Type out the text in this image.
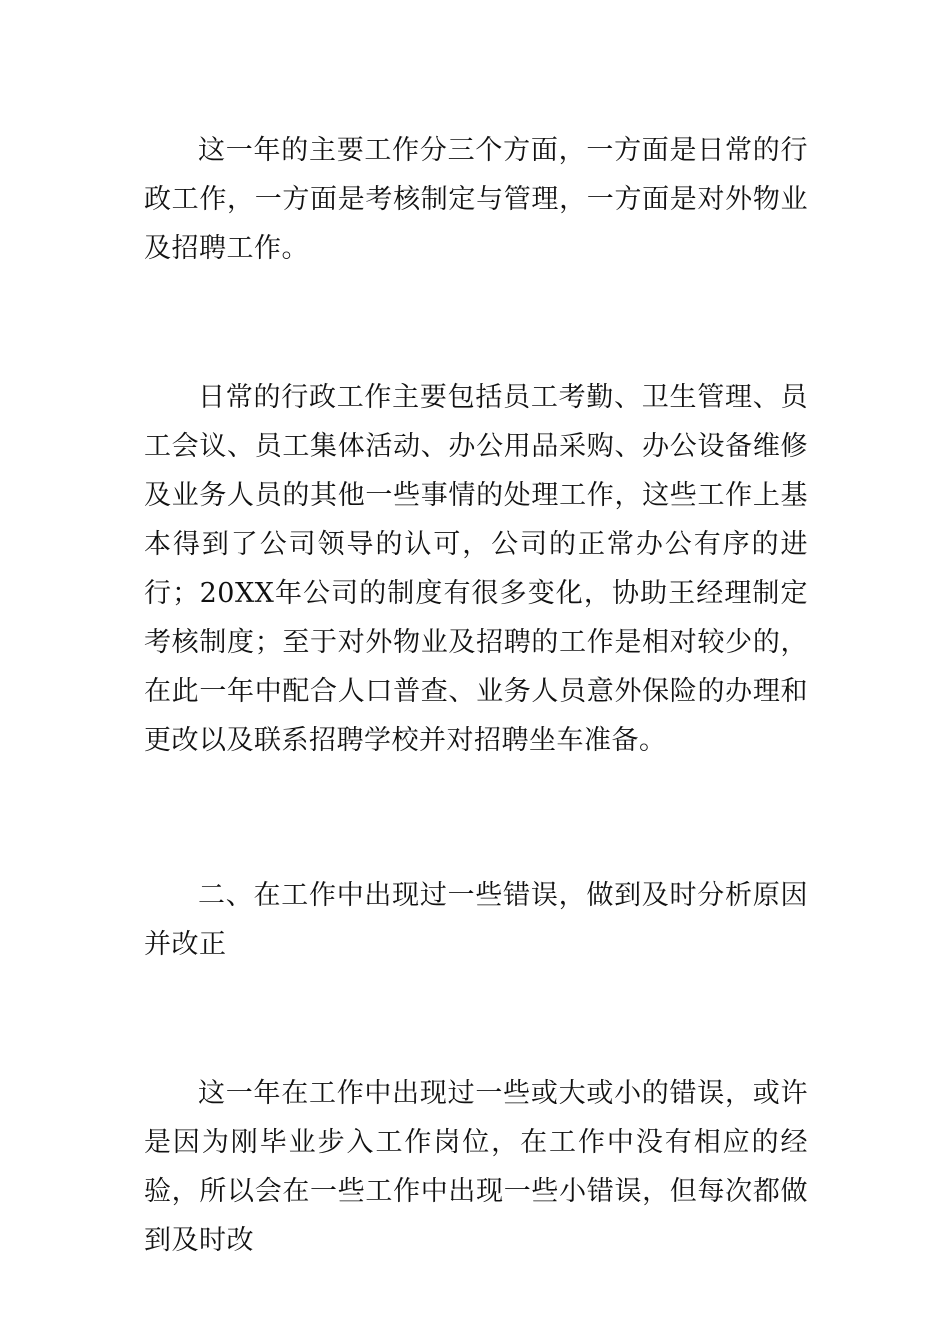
这一年的主要工作分三个方面，一方面是日常的行政工作，一方面是考核制定与管理，一方面是对外物业及招聘工作。

日常的行政工作主要包括员工考勤、卫生管理、员工会议、员工集体活动、办公用品采购、办公设备维修及业务人员的其他一些事情的处理工作，这些工作上基本得到了公司领导的认可，公司的正常办公有序的进行；20XX年公司的制度有很多变化，协助王经理制定考核制度；至于对外物业及招聘的工作是相对较少的，在此一年中配合人口普查、业务人员意外保险的办理和更改以及联系招聘学校并对招聘坐车准备。

二、在工作中出现过一些错误，做到及时分析原因并改正

这一年在工作中出现过一些或大或小的错误，或许是因为刚毕业步入工作岗位，在工作中没有相应的经验，所以会在一些工作中出现一些小错误，但每次都做到及时改
